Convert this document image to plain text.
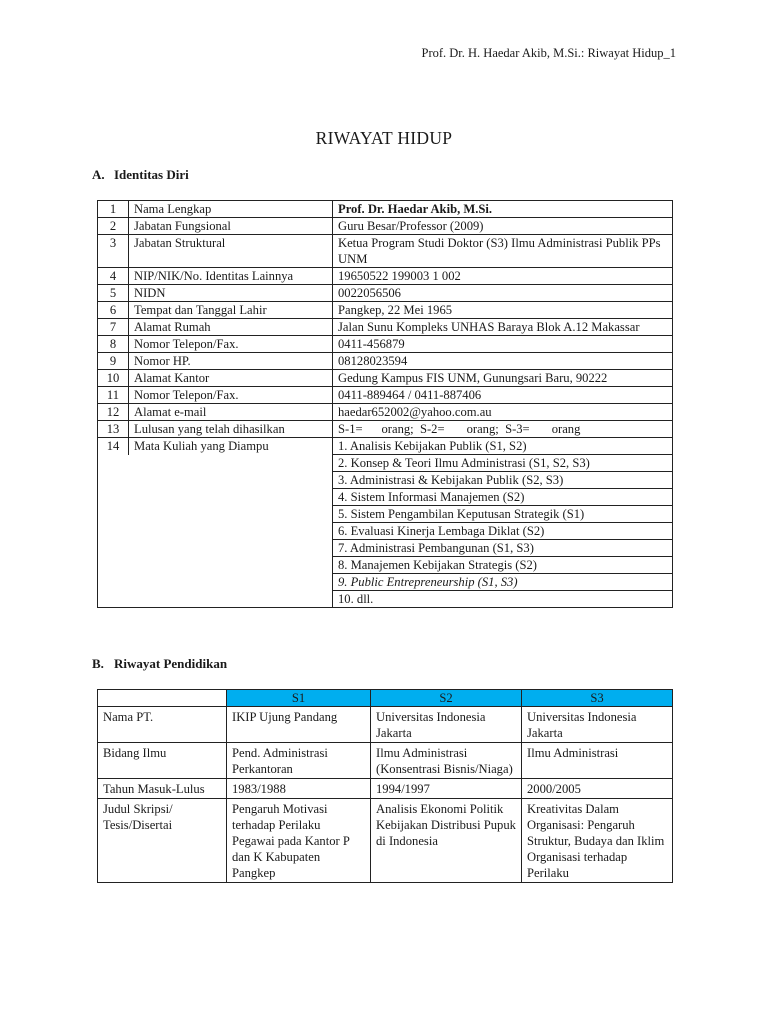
Prof. Dr. H. Haedar Akib, M.Si.: Riwayat Hidup_1
RIWAYAT HIDUP
A. Identitas Diri
1	Nama Lengkap	Prof. Dr. Haedar Akib, M.Si.
2	Jabatan Fungsional	Guru Besar/Professor (2009)
3	Jabatan Struktural	Ketua Program Studi Doktor (S3) Ilmu Administrasi Publik PPs UNM
4	NIP/NIK/No. Identitas Lainnya	19650522 199003 1 002
5	NIDN	0022056506
6	Tempat dan Tanggal Lahir	Pangkep, 22 Mei 1965
7	Alamat Rumah	Jalan Sunu Kompleks UNHAS Baraya Blok A.12 Makassar
8	Nomor Telepon/Fax.	0411-456879
9	Nomor HP.	08128023594
10	Alamat Kantor	Gedung Kampus FIS UNM, Gunungsari Baru, 90222
11	Nomor Telepon/Fax.	0411-889464 / 0411-887406
12	Alamat e-mail	haedar652002@yahoo.com.au
13	Lulusan yang telah dihasilkan	S-1=      orang;  S-2=       orang;  S-3=       orang
14	Mata Kuliah yang Diampu	1. Analisis Kebijakan Publik (S1, S2)
		2. Konsep & Teori Ilmu Administrasi (S1, S2, S3)
		3. Administrasi & Kebijakan Publik (S2, S3)
		4. Sistem Informasi Manajemen (S2)
		5. Sistem Pengambilan Keputusan Strategik (S1)
		6. Evaluasi Kinerja Lembaga Diklat (S2)
		7. Administrasi Pembangunan (S1, S3)
		8. Manajemen Kebijakan Strategis (S2)
		9. Public Entrepreneurship (S1, S3)
		10. dll.
B. Riwayat Pendidikan
	S1	S2	S3
Nama PT.	IKIP Ujung Pandang	Universitas Indonesia Jakarta	Universitas Indonesia Jakarta
Bidang Ilmu	Pend. Administrasi Perkantoran	Ilmu Administrasi (Konsentrasi Bisnis/Niaga)	Ilmu Administrasi
Tahun Masuk-Lulus	1983/1988	1994/1997	2000/2005
Judul Skripsi/ Tesis/Disertai	Pengaruh Motivasi terhadap Perilaku Pegawai pada Kantor P dan K Kabupaten Pangkep	Analisis Ekonomi Politik Kebijakan Distribusi Pupuk di Indonesia	Kreativitas Dalam Organisasi: Pengaruh Struktur, Budaya dan Iklim Organisasi terhadap Perilaku
